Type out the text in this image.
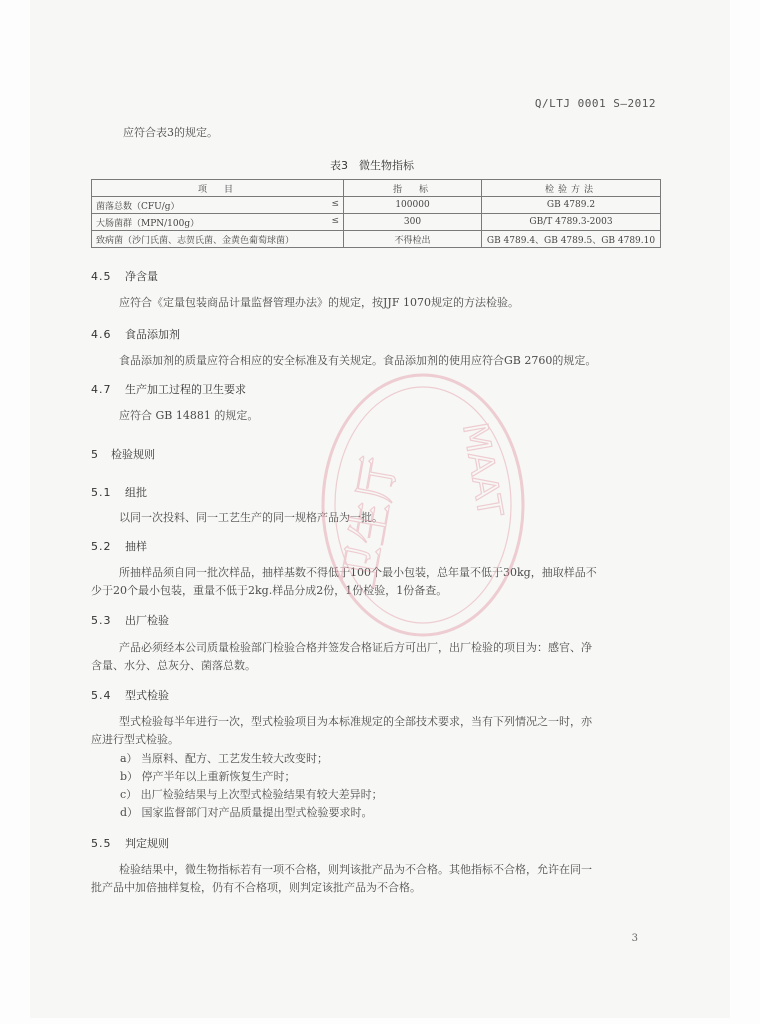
Q/LTJ 0001 S—2012
应符合表3的规定。
表3　微生物指标
项　目	指　标	检验方法
菌落总数（CFU/g） ≤	100000	GB 4789.2
大肠菌群（MPN/100g） ≤	300	GB/T 4789.3-2003
致病菌（沙门氏菌、志贺氏菌、金黄色葡萄球菌）	不得检出	GB 4789.4、GB 4789.5、GB 4789.10
4.5 净含量
应符合《定量包装商品计量监督管理办法》的规定，按JJF 1070规定的方法检验。
4.6 食品添加剂
食品添加剂的质量应符合相应的安全标准及有关规定。食品添加剂的使用应符合GB 2760的规定。
4.7 生产加工过程的卫生要求
应符合 GB 14881 的规定。
5 检验规则
5.1 组批
以同一次投料、同一工艺生产的同一规格产品为一批。
5.2 抽样
所抽样品须自同一批次样品，抽样基数不得低于100个最小包装，总年量不低于30kg，抽取样品不
少于20个最小包装，重量不低于2kg.样品分成2份，1份检验，1份备查。
5.3 出厂检验
产品必须经本公司质量检验部门检验合格并签发合格证后方可出厂，出厂检验的项目为：感官、净
含量、水分、总灰分、菌落总数。
5.4 型式检验
型式检验每半年进行一次，型式检验项目为本标准规定的全部技术要求，当有下列情况之一时，亦
应进行型式检验。
a） 当原料、配方、工艺发生较大改变时；
b） 停产半年以上重新恢复生产时；
c） 出厂检验结果与上次型式检验结果有较大差异时；
d） 国家监督部门对产品质量提出型式检验要求时。
5.5 判定规则
检验结果中，微生物指标若有一项不合格，则判该批产品为不合格。其他指标不合格，允许在同一
批产品中加倍抽样复检，仍有不合格项，则判定该批产品为不合格。
3
卫生厅 MAAT
